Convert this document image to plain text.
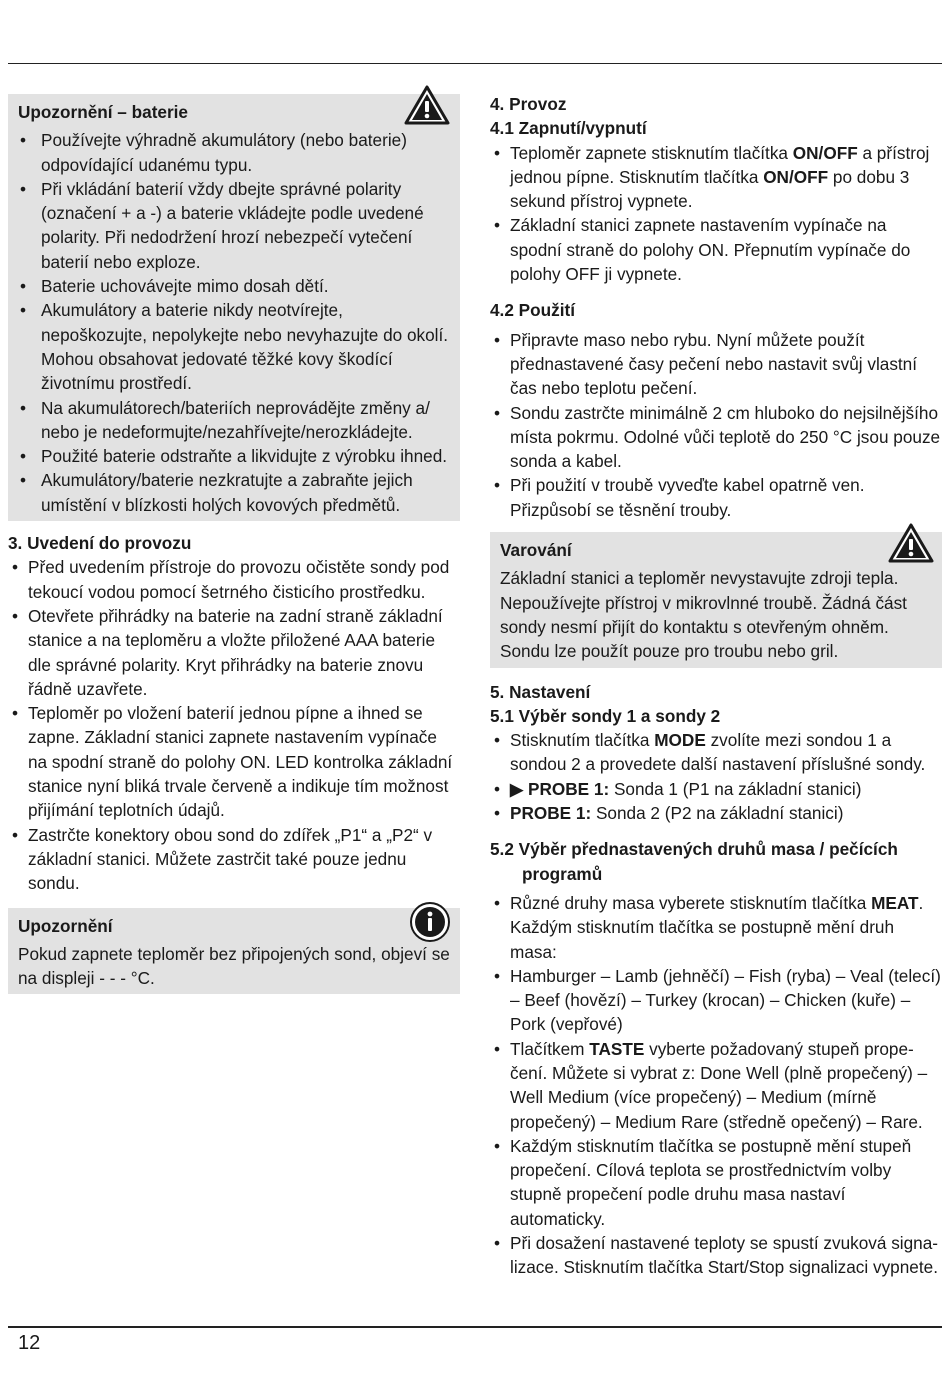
Upozornění – baterie
• Používejte výhradně akumulátory (nebo baterie) odpovídající udanému typu.
• Při vkládání baterií vždy dbejte správné polarity (označení + a -) a baterie vkládejte podle uvedené polarity. Při nedodržení hrozí nebezpečí vytečení baterií nebo exploze.
• Baterie uchovávejte mimo dosah dětí.
• Akumulátory a baterie nikdy neotvírejte, nepoškozujte, nepolykejte nebo nevyhazujte do okolí. Mohou obsahovat jedovaté těžké kovy škodící životnímu prostředí.
• Na akumulátorech/bateriích neprovádějte změny a/ nebo je nedeformujte/nezahřívejte/nerozkládejte.
• Použité baterie odstraňte a likvidujte z výrobku ihned.
• Akumulátory/baterie nezkratujte a zabraňte jejich umístění v blízkosti holých kovových předmětů.
3. Uvedení do provozu
• Před uvedením přístroje do provozu očistěte sondy pod tekoucí vodou pomocí šetrného čisticího prostředku.
• Otevřete přihrádky na baterie na zadní straně základní stanice a na teploměru a vložte přiložené AAA baterie dle správné polarity. Kryt přihrádky na baterie znovu řádně uzavřete.
• Teploměr po vložení baterií jednou pípne a ihned se zapne. Základní stanici zapnete nastavením vypínače na spodní straně do polohy ON. LED kontrolka základní stanice nyní bliká trvale červeně a indikuje tím možnost přijímání teplotních údajů.
• Zastrčte konektory obou sond do zdířek „P1“ a „P2“ v základní stanici. Můžete zastrčit také pouze jednu sondu.
Upozornění

Pokud zapnete teploměr bez připojených sond, objeví se na displeji - - - °C.

4. Provoz
4.1 Zapnutí/vypnutí
• Teploměr zapnete stisknutím tlačítka ON/OFF a přístroj jednou pípne. Stisknutím tlačítka ON/OFF po dobu 3 sekund přístroj vypnete.
• Základní stanici zapnete nastavením vypínače na spodní straně do polohy ON. Přepnutím vypínače do polohy OFF ji vypnete.
4.2 Použití
• Připravte maso nebo rybu. Nyní můžete použít přednastavené časy pečení nebo nastavit svůj vlastní čas nebo teplotu pečení.
• Sondu zastrčte minimálně 2 cm hluboko do nejsilnějšího místa pokrmu. Odolné vůči teplotě do 250 °C jsou pouze sonda a kabel.
• Při použití v troubě vyveďte kabel opatrně ven. Přizpůsobí se těsnění trouby.
Varování

Základní stanici a teploměr nevystavujte zdroji tepla. Nepoužívejte přístroj v mikrovlnné troubě. Žádná část sondy nesmí přijít do kontaktu s otevřeným ohněm. Sondu lze použít pouze pro troubu nebo gril.

5. Nastavení
5.1 Výběr sondy 1 a sondy 2
• Stisknutím tlačítka MODE zvolíte mezi sondou 1 a sondou 2 a provedete další nastavení příslušné sondy.
• ▶ PROBE 1: Sonda 1 (P1 na základní stanici)
• PROBE 1: Sonda 2 (P2 na základní stanici)
5.2 Výběr přednastavených druhů masa / pečících programů
• Různé druhy masa vyberete stisknutím tlačítka MEAT. Každým stisknutím tlačítka se postupně mění druh masa:
• Hamburger – Lamb (jehněčí) – Fish (ryba) – Veal (telecí) – Beef (hovězí) – Turkey (krocan) – Chicken (kuře) – Pork (vepřové)
• Tlačítkem TASTE vyberte požadovaný stupeň prope-čení. Můžete si vybrat z: Done Well (plně propečený) – Well Medium (více propečený) – Medium (mírně propečený) – Medium Rare (středně opečený) – Rare.
• Každým stisknutím tlačítka se postupně mění stupeň propečení. Cílová teplota se prostřednictvím volby stupně propečení podle druhu masa nastaví automaticky.
• Při dosažení nastavené teploty se spustí zvuková signa-lizace. Stisknutím tlačítka Start/Stop signalizaci vypnete.
12
